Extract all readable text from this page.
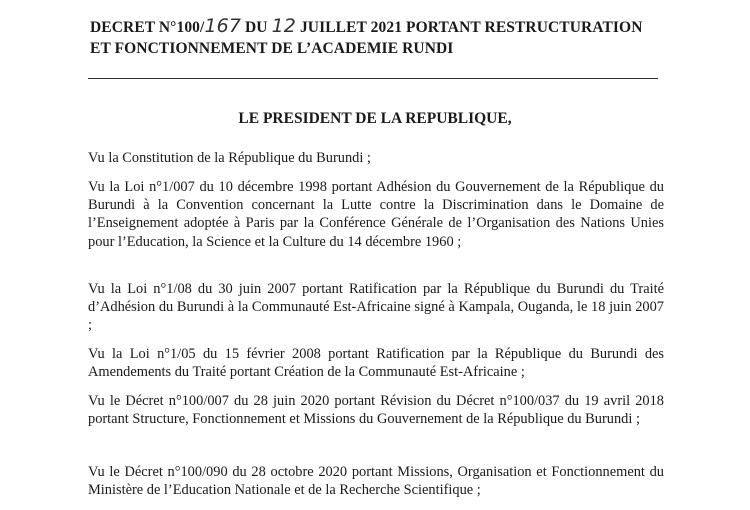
DECRET N°100/167 DU 12 JUILLET 2021 PORTANT RESTRUCTURATION
ET FONCTIONNEMENT DE L’ACADEMIE RUNDI
LE PRESIDENT DE LA REPUBLIQUE,
Vu la Constitution de la République du Burundi ;
Vu la Loi n°1/007 du 10 décembre 1998 portant Adhésion du Gouvernement de la République du Burundi à la Convention concernant la Lutte contre la Discrimination dans le Domaine de l’Enseignement adoptée à Paris par la Conférence Générale de l’Organisation des Nations Unies pour l’Education, la Science et la Culture du 14 décembre 1960 ;
Vu la Loi n°1/08 du 30 juin 2007 portant Ratification par la République du Burundi du Traité d’Adhésion du Burundi à la Communauté Est-Africaine signé à Kampala, Ouganda, le 18 juin 2007 ;
Vu la Loi n°1/05 du 15 février 2008 portant Ratification par la République du Burundi des Amendements du Traité portant Création de la Communauté Est-Africaine ;
Vu le Décret n°100/007 du 28 juin 2020 portant Révision du Décret n°100/037 du 19 avril 2018 portant Structure, Fonctionnement et Missions du Gouvernement de la République du Burundi ;
Vu le Décret n°100/090 du 28 octobre 2020 portant Missions, Organisation et Fonctionnement du Ministère de l’Education Nationale et de la Recherche Scientifique ;
